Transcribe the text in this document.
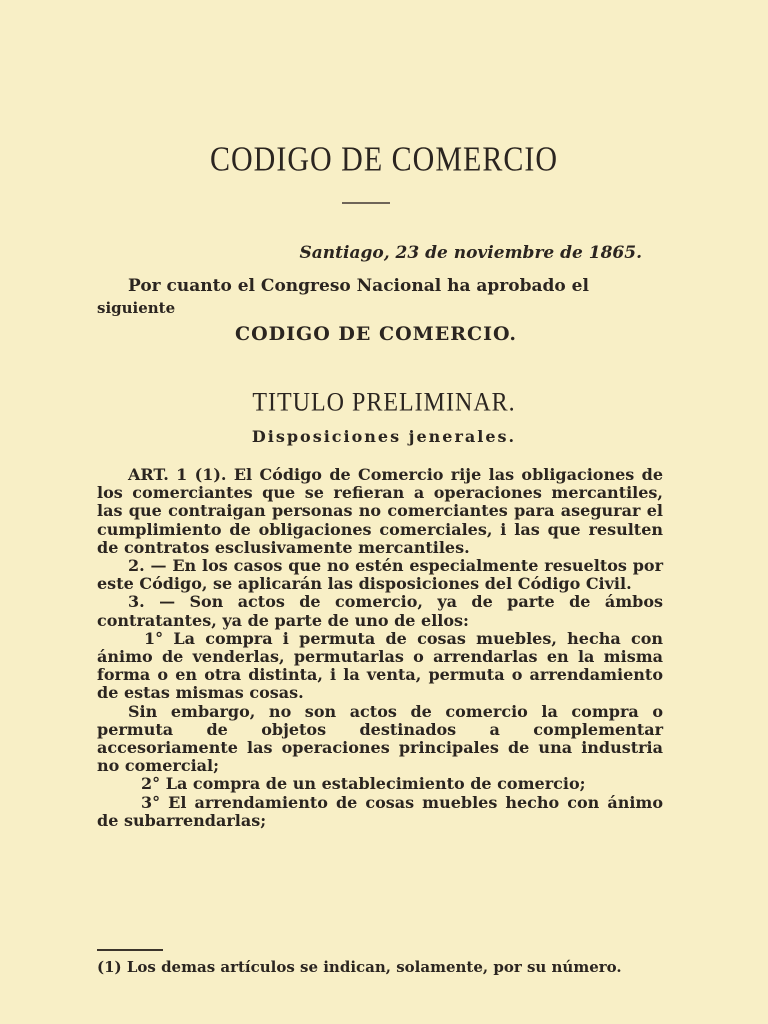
CODIGO DE COMERCIO
Santiago, 23 de noviembre de 1865.
Por cuanto el Congreso Nacional ha aprobado el
siguiente
CODIGO DE COMERCIO.
TITULO PRELIMINAR.
Disposiciones jenerales.

ART. 1 (1). El Código de Comercio rije las obligaciones de los comerciantes que se refieran a operaciones mercantiles, las que contraigan personas no comerciantes para asegurar el cumplimiento de obligaciones comerciales, i las que resulten de contratos esclusivamente mercantiles.

2. — En los casos que no estén especialmente resueltos por este Código, se aplicarán las disposiciones del Código Civil.

3. — Son actos de comercio, ya de parte de ámbos contratantes, ya de parte de uno de ellos:

1° La compra i permuta de cosas muebles, hecha con ánimo de venderlas, permutarlas o arrendarlas en la misma forma o en otra distinta, i la venta, permuta o arrendamiento de estas mismas cosas.

Sin embargo, no son actos de comercio la compra o permuta de objetos destinados a complementar accesoriamente las operaciones principales de una industria no comercial;

2° La compra de un establecimiento de comercio;

3° El arrendamiento de cosas muebles hecho con ánimo de subarrendarlas;

(1) Los demas artículos se indican, solamente, por su número.
